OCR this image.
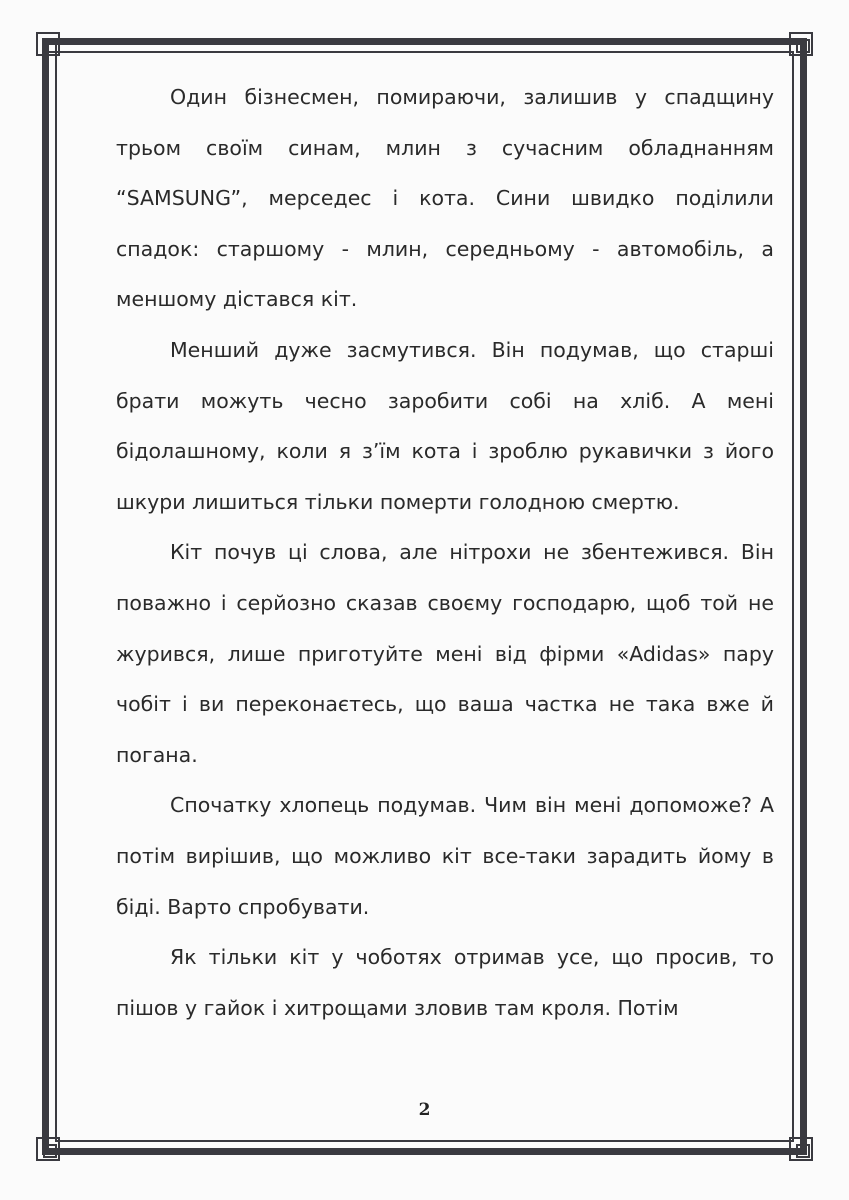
Один бізнесмен, помираючи, залишив у спадщину трьом своїм синам, млин з сучасним обладнанням “SAMSUNG”, мерседес і кота. Сини швидко поділили спадок: старшому - млин, середньому - автомобіль, а меншому дістався кіт.

Менший дуже засмутився. Він подумав, що старші брати можуть чесно заробити собі на хліб. А мені бідолашному, коли я з’їм кота і зроблю рукавички з його шкури лишиться тільки померти голодною смертю.

Кіт почув ці слова, але нітрохи не збентежився. Він поважно і серйозно сказав своєму господарю, щоб той не журився, лише приготуйте мені від фірми «Adidas» пару чобіт і ви переконаєтесь, що ваша частка не така вже й погана.

Спочатку хлопець подумав. Чим він мені допоможе? А потім вирішив, що можливо кіт все-таки зарадить йому в біді. Варто спробувати.

Як тільки кіт у чоботях отримав усе, що просив, то пішов у гайок і хитрощами зловив там кроля. Потім

2
